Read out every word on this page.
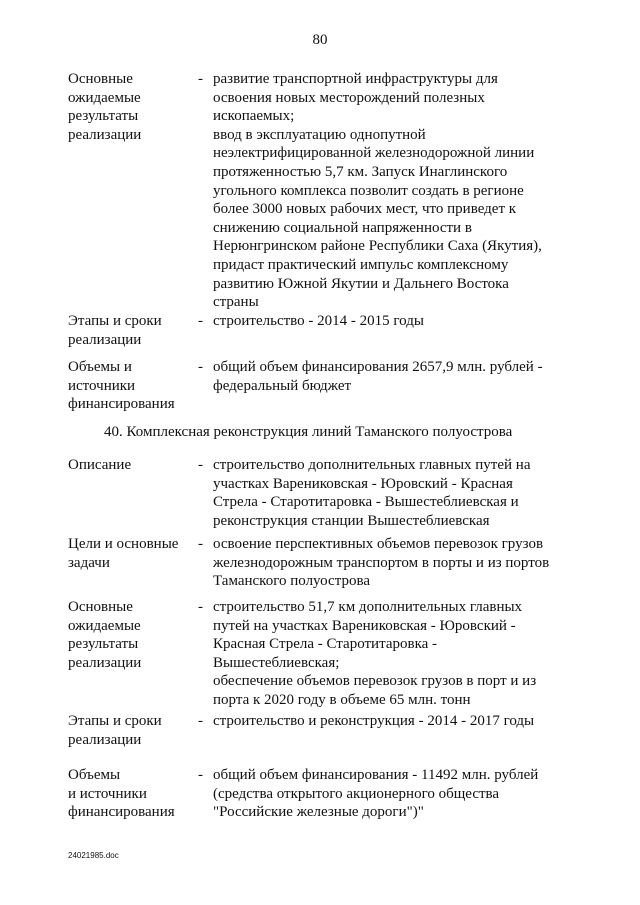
80
Основные
ожидаемые
результаты
реализации
- развитие транспортной инфраструктуры для
освоения новых месторождений полезных
ископаемых;
ввод в эксплуатацию однопутной
неэлектрифицированной железнодорожной линии
протяженностью 5,7 км. Запуск Инаглинского
угольного комплекса позволит создать в регионе
более 3000 новых рабочих мест, что приведет к
снижению социальной напряженности в
Нерюнгринском районе Республики Саха (Якутия),
придаст практический импульс комплексному
развитию Южной Якутии и Дальнего Востока
страны
Этапы и сроки
реализации
- строительство - 2014 - 2015 годы
Объемы и
источники
финансирования
- общий объем финансирования 2657,9 млн. рублей -
федеральный бюджет
40. Комплексная реконструкция линий Таманского полуострова
Описание	- строительство дополнительных главных путей на
участках Варениковская - Юровский - Красная
Стрела - Старотитаровка - Вышестеблиевская и
реконструкция станции Вышестеблиевская
Цели и основные
задачи
- освоение перспективных объемов перевозок грузов
железнодорожным транспортом в порты и из портов
Таманского полуострова
Основные
ожидаемые
результаты
реализации
- строительство 51,7 км дополнительных главных
путей на участках Варениковская - Юровский -
Красная Стрела - Старотитаровка -
Вышестеблиевская;
обеспечение объемов перевозок грузов в порт и из
порта к 2020 году в объеме 65 млн. тонн
Этапы и сроки
реализации
- строительство и реконструкция - 2014 - 2017 годы
Объемы
и источники
финансирования
- общий объем финансирования - 11492 млн. рублей
(средства открытого акционерного общества
"Российские железные дороги")"
24021985.doc
